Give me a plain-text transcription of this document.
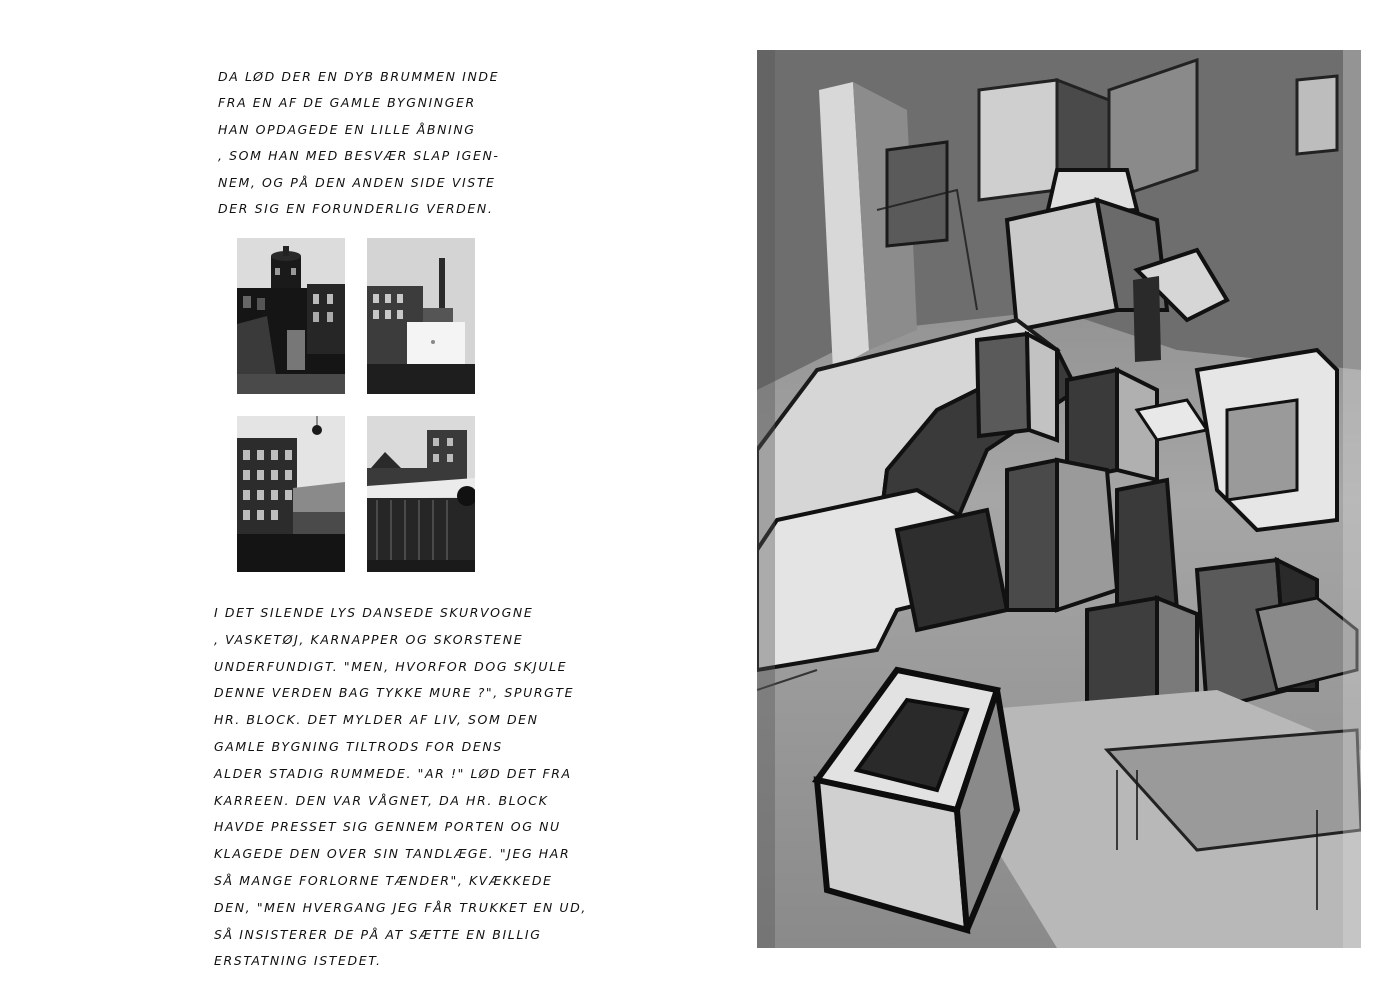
DA LØD DER EN DYB BRUMMEN INDE
FRA EN AF DE GAMLE BYGNINGER
HAN OPDAGEDE EN LILLE ÅBNING
, SOM HAN MED BESVÆR SLAP IGEN-
NEM, OG PÅ DEN ANDEN SIDE VISTE
DER SIG EN FORUNDERLIG VERDEN.
I DET SILENDE LYS DANSEDE SKURVOGNE
, VASKETØJ, KARNAPPER OG SKORSTENE
UNDERFUNDIGT. "MEN, HVORFOR DOG SKJULE
DENNE VERDEN BAG TYKKE MURE ?", SPURGTE
HR. BLOCK. DET MYLDER AF LIV, SOM DEN
GAMLE BYGNING TILTRODS FOR DENS
ALDER STADIG RUMMEDE. "AR !" LØD DET FRA
KARREEN. DEN VAR VÅGNET, DA HR. BLOCK
HAVDE PRESSET SIG GENNEM PORTEN OG NU
KLAGEDE DEN OVER SIN TANDLÆGE. "JEG HAR
SÅ MANGE FORLORNE TÆNDER", KVÆKKEDE
DEN, "MEN HVERGANG JEG FÅR TRUKKET EN UD,
SÅ INSISTERER DE PÅ AT SÆTTE EN BILLIG
ERSTATNING ISTEDET.
